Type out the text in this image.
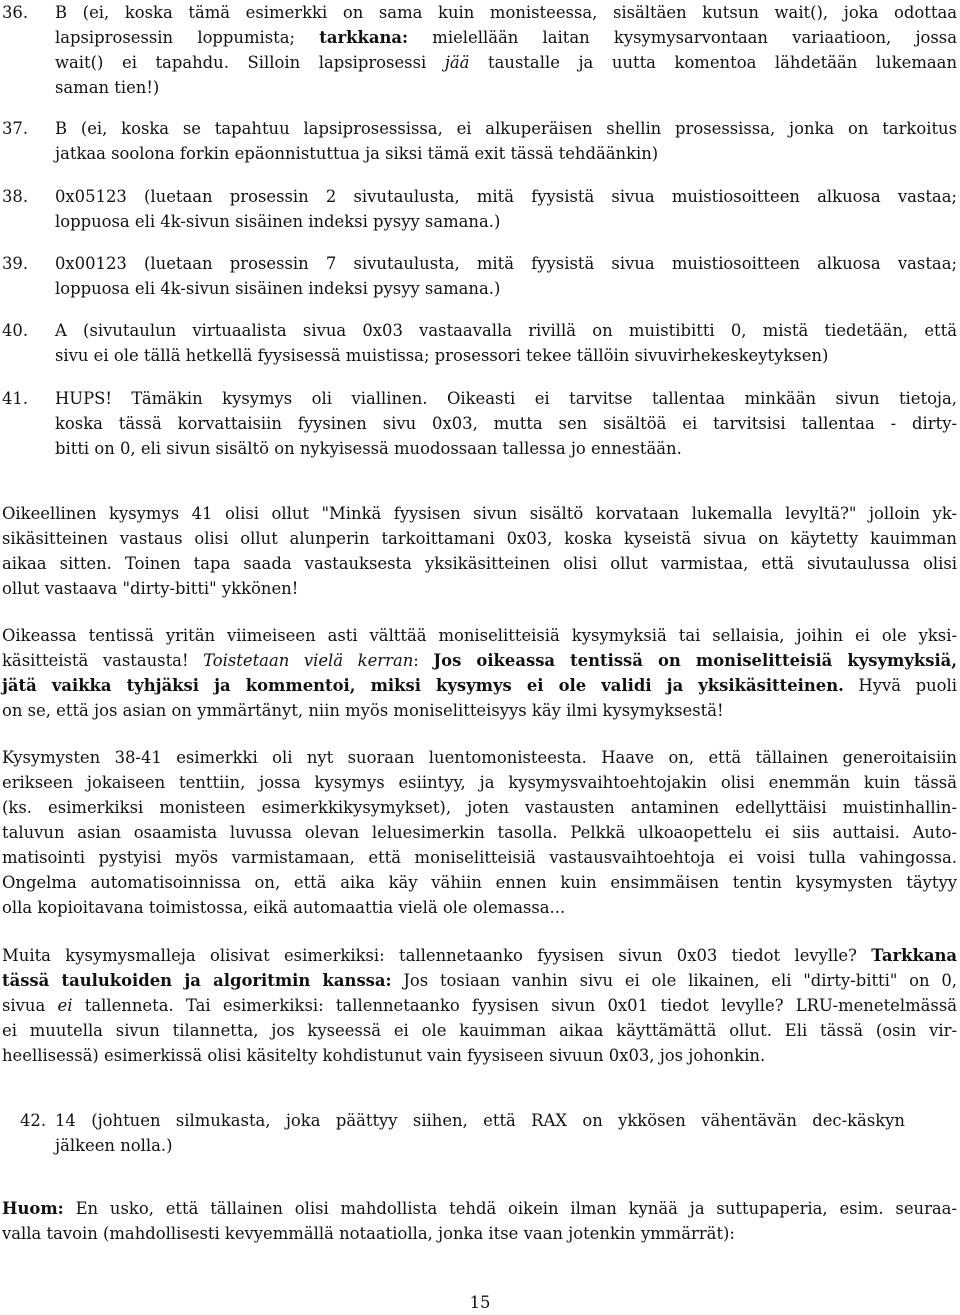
36. B (ei, koska tämä esimerkki on sama kuin monisteessa, sisältäen kutsun wait(), joka odottaa
lapsiprosessin loppumista; tarkkana: mielellään laitan kysymysarvontaan variaatioon, jossa
wait() ei tapahdu. Silloin lapsiprosessi jää taustalle ja uutta komentoa lähdetään lukemaan
saman tien!)
37. B (ei, koska se tapahtuu lapsiprosessissa, ei alkuperäisen shellin prosessissa, jonka on tarkoitus
jatkaa soolona forkin epäonnistuttua ja siksi tämä exit tässä tehdäänkin)
38. 0x05123 (luetaan prosessin 2 sivutaulusta, mitä fyysistä sivua muistiosoitteen alkuosa vastaa;
loppuosa eli 4k-sivun sisäinen indeksi pysyy samana.)
39. 0x00123 (luetaan prosessin 7 sivutaulusta, mitä fyysistä sivua muistiosoitteen alkuosa vastaa;
loppuosa eli 4k-sivun sisäinen indeksi pysyy samana.)
40. A (sivutaulun virtuaalista sivua 0x03 vastaavalla rivillä on muistibitti 0, mistä tiedetään, että
sivu ei ole tällä hetkellä fyysisessä muistissa; prosessori tekee tällöin sivuvirhekeskeytyksen)
41. HUPS! Tämäkin kysymys oli viallinen. Oikeasti ei tarvitse tallentaa minkään sivun tietoja,
koska tässä korvattaisiin fyysinen sivu 0x03, mutta sen sisältöä ei tarvitsisi tallentaa - dirty-
bitti on 0, eli sivun sisältö on nykyisessä muodossaan tallessa jo ennestään.
Oikeellinen kysymys 41 olisi ollut "Minkä fyysisen sivun sisältö korvataan lukemalla levyltä?" jolloin yk-
sikäsitteinen vastaus olisi ollut alunperin tarkoittamani 0x03, koska kyseistä sivua on käytetty kauimman
aikaa sitten. Toinen tapa saada vastauksesta yksikäsitteinen olisi ollut varmistaa, että sivutaulussa olisi
ollut vastaava "dirty-bitti" ykkönen!
Oikeassa tentissä yritän viimeiseen asti välttää moniselitteisiä kysymyksiä tai sellaisia, joihin ei ole yksi-
käsitteistä vastausta! Toistetaan vielä kerran: Jos oikeassa tentissä on moniselitteisiä kysymyksiä,
jätä vaikka tyhjäksi ja kommentoi, miksi kysymys ei ole validi ja yksikäsitteinen. Hyvä puoli
on se, että jos asian on ymmärtänyt, niin myös moniselitteisyys käy ilmi kysymyksestä!
Kysymysten 38-41 esimerkki oli nyt suoraan luentomonisteesta. Haave on, että tällainen generoitaisiin
erikseen jokaiseen tenttiin, jossa kysymys esiintyy, ja kysymysvaihtoehtojakin olisi enemmän kuin tässä
(ks. esimerkiksi monisteen esimerkkikysymykset), joten vastausten antaminen edellyttäisi muistinhallin-
taluvun asian osaamista luvussa olevan leluesimerkin tasolla. Pelkkä ulkoaopettelu ei siis auttaisi. Auto-
matisointi pystyisi myös varmistamaan, että moniselitteisiä vastausvaihtoehtoja ei voisi tulla vahingossa.
Ongelma automatisoinnissa on, että aika käy vähiin ennen kuin ensimmäisen tentin kysymysten täytyy
olla kopioitavana toimistossa, eikä automaattia vielä ole olemassa...
Muita kysymysmalleja olisivat esimerkiksi: tallennetaanko fyysisen sivun 0x03 tiedot levylle? Tarkkana
tässä taulukoiden ja algoritmin kanssa: Jos tosiaan vanhin sivu ei ole likainen, eli "dirty-bitti" on 0,
sivua ei tallenneta. Tai esimerkiksi: tallennetaanko fyysisen sivun 0x01 tiedot levylle? LRU-menetelmässä
ei muutella sivun tilannetta, jos kyseessä ei ole kauimman aikaa käyttämättä ollut. Eli tässä (osin vir-
heellisessä) esimerkissä olisi käsitelty kohdistunut vain fyysiseen sivuun 0x03, jos johonkin.
42. 14 (johtuen silmukasta, joka päättyy siihen, että RAX on ykkösen vähentävän dec-käskyn
jälkeen nolla.)
Huom: En usko, että tällainen olisi mahdollista tehdä oikein ilman kynää ja suttupaperia, esim. seuraa-
valla tavoin (mahdollisesti kevyemmällä notaatiolla, jonka itse vaan jotenkin ymmärrät):
15
